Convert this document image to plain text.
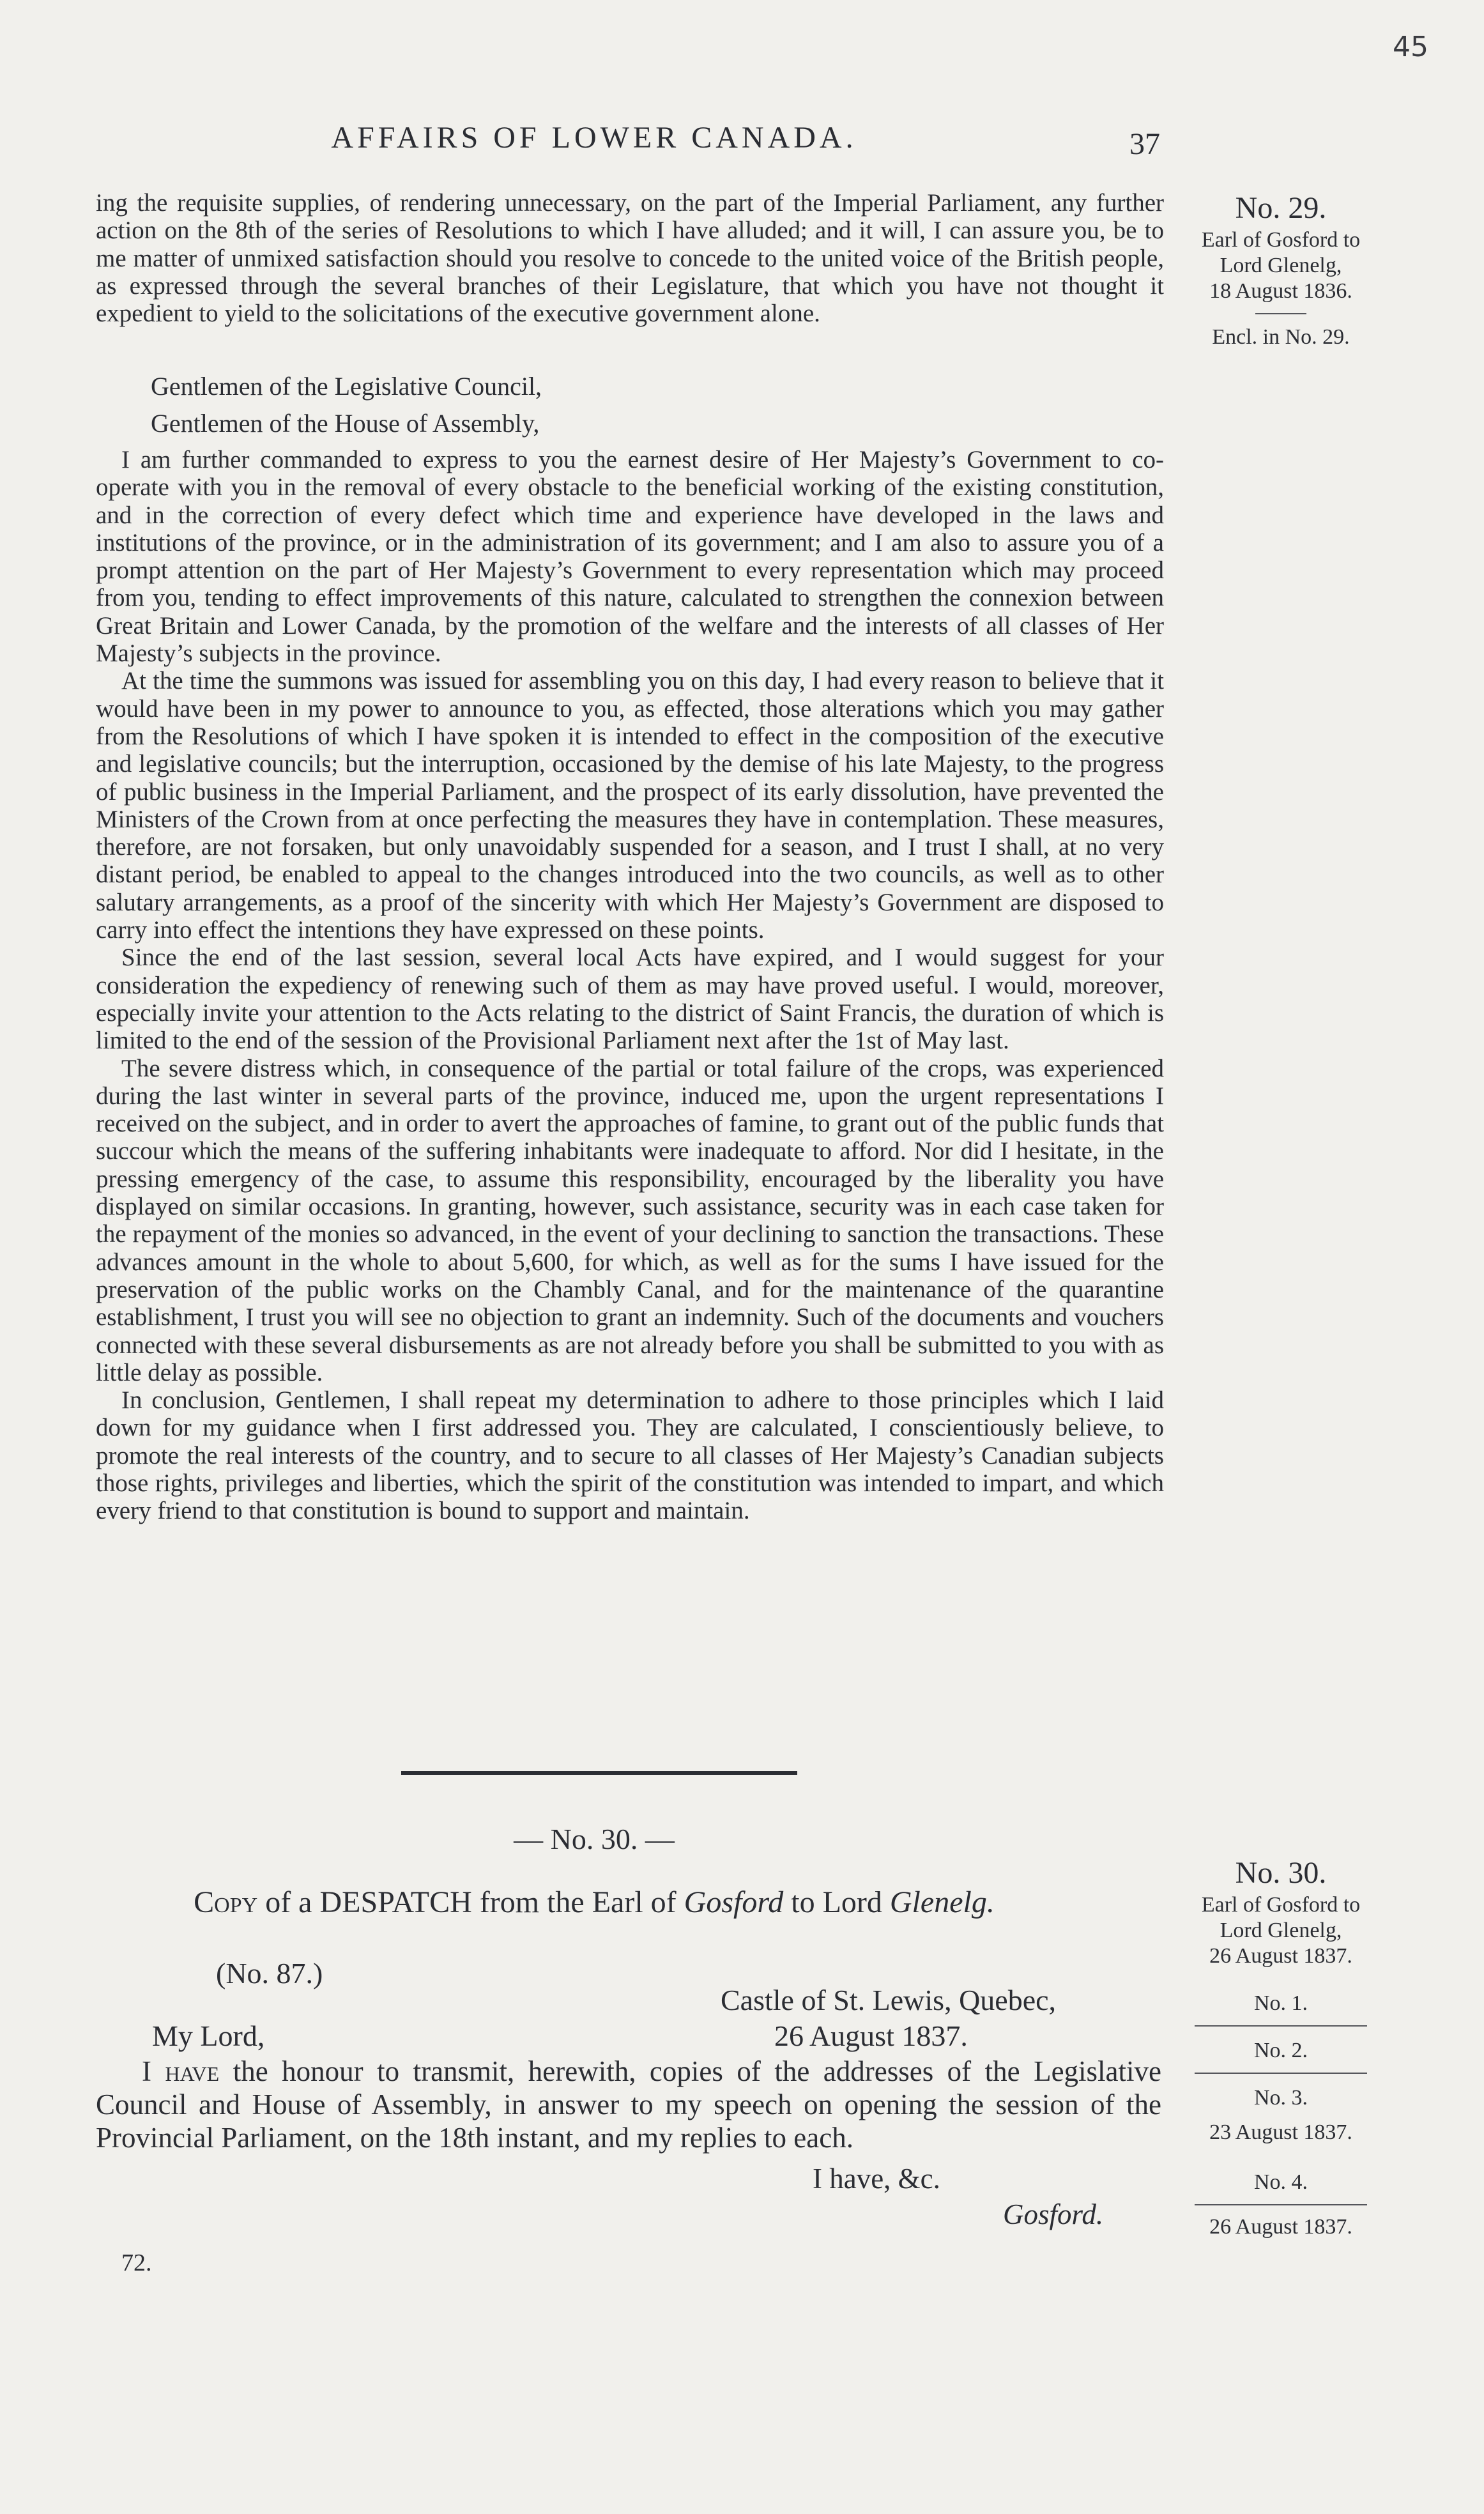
45
AFFAIRS OF LOWER CANADA.	37
No. 29.
Earl of Gosford to
Lord Glenelg,
18 August 1836.
Encl. in No. 29.

ing the requisite supplies, of rendering unnecessary, on the part of the Imperial Parliament, any further action on the 8th of the series of Resolutions to which I have alluded; and it will, I can assure you, be to me matter of unmixed satisfaction should you resolve to concede to the united voice of the British people, as expressed through the several branches of their Legislature, that which you have not thought it expedient to yield to the solicitations of the executive government alone.

Gentlemen of the Legislative Council,
Gentlemen of the House of Assembly,

I am further commanded to express to you the earnest desire of Her Majesty’s Government to co-operate with you in the removal of every obstacle to the beneficial working of the existing constitution, and in the correction of every defect which time and experience have developed in the laws and institutions of the province, or in the administration of its government; and I am also to assure you of a prompt attention on the part of Her Majesty’s Government to every representation which may proceed from you, tending to effect improvements of this nature, calculated to strengthen the connexion between Great Britain and Lower Canada, by the promotion of the welfare and the interests of all classes of Her Majesty’s subjects in the province.

At the time the summons was issued for assembling you on this day, I had every reason to believe that it would have been in my power to announce to you, as effected, those alterations which you may gather from the Resolutions of which I have spoken it is intended to effect in the composition of the executive and legislative councils; but the interruption, occasioned by the demise of his late Majesty, to the progress of public business in the Imperial Parliament, and the prospect of its early dissolution, have prevented the Ministers of the Crown from at once perfecting the measures they have in contemplation. These measures, therefore, are not forsaken, but only unavoidably suspended for a season, and I trust I shall, at no very distant period, be enabled to appeal to the changes introduced into the two councils, as well as to other salutary arrangements, as a proof of the sincerity with which Her Majesty’s Government are disposed to carry into effect the intentions they have expressed on these points.

Since the end of the last session, several local Acts have expired, and I would suggest for your consideration the expediency of renewing such of them as may have proved useful. I would, moreover, especially invite your attention to the Acts relating to the district of Saint Francis, the duration of which is limited to the end of the session of the Provisional Parliament next after the 1st of May last.

The severe distress which, in consequence of the partial or total failure of the crops, was experienced during the last winter in several parts of the province, induced me, upon the urgent representations I received on the subject, and in order to avert the approaches of famine, to grant out of the public funds that succour which the means of the suffering inhabitants were inadequate to afford. Nor did I hesitate, in the pressing emergency of the case, to assume this responsibility, encouraged by the liberality you have displayed on similar occasions. In granting, however, such assistance, security was in each case taken for the repayment of the monies so advanced, in the event of your declining to sanction the transactions. These advances amount in the whole to about 5,600, for which, as well as for the sums I have issued for the preservation of the public works on the Chambly Canal, and for the maintenance of the quarantine establishment, I trust you will see no objection to grant an indemnity. Such of the documents and vouchers connected with these several disbursements as are not already before you shall be submitted to you with as little delay as possible.

In conclusion, Gentlemen, I shall repeat my determination to adhere to those principles which I laid down for my guidance when I first addressed you. They are calculated, I conscientiously believe, to promote the real interests of the country, and to secure to all classes of Her Majesty’s Canadian subjects those rights, privileges and liberties, which the spirit of the constitution was intended to impart, and which every friend to that constitution is bound to support and maintain.

— No. 30. —
Copy of a DESPATCH from the Earl of Gosford to Lord Glenelg.
(No. 87.)
Castle of St. Lewis, Quebec,
26 August 1837.
My Lord,
I have the honour to transmit, herewith, copies of the addresses of the Legislative Council and House of Assembly, in answer to my speech on opening the session of the Provincial Parliament, on the 18th instant, and my replies to each.
I have, &c.
Gosford.
72.
No. 30.
Earl of Gosford to
Lord Glenelg,
26 August 1837.
No. 1.
No. 2.
No. 3.
23 August 1837.
No. 4.
26 August 1837.
